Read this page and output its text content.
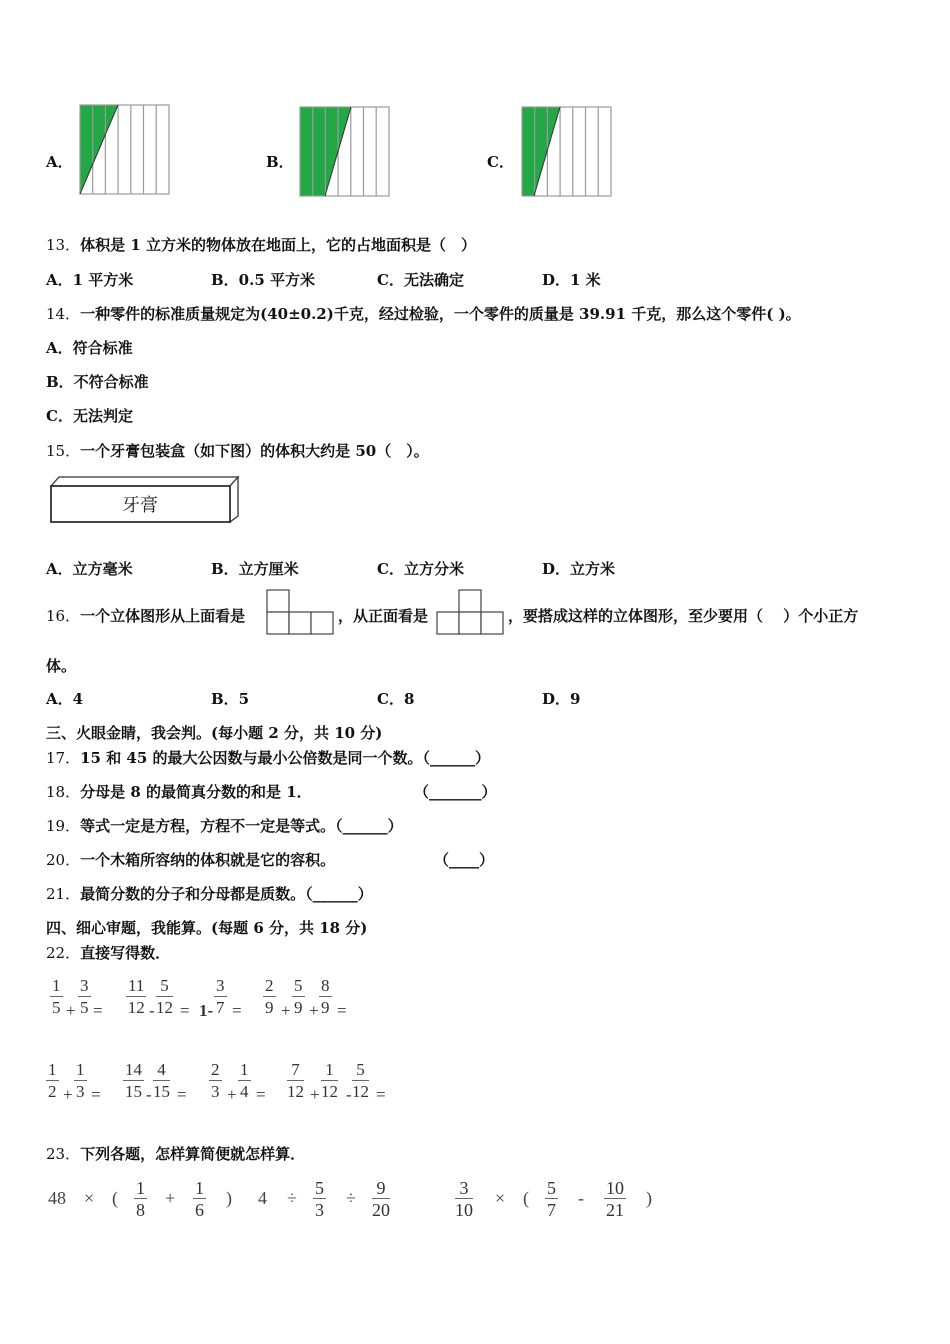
A．	B．	C．
13．体积是 1 立方米的物体放在地面上，它的占地面积是（　）
A．1 平方米	B．0.5 平方米	C．无法确定	D．1 米
14．一种零件的标准质量规定为(40±0.2)千克，经过检验，一个零件的质量是 39.91 千克，那么这个零件( )。
A．符合标准
B．不符合标准
C．无法判定
15．一个牙膏包装盒（如下图）的体积大约是 50（　）。
牙膏
A．立方毫米	B．立方厘米	C．立方分米	D．立方米
16．一个立体图形从上面看是	，从正面看是	，要搭成这样的立体图形，至少要用（　 ）个小正方
体。
A．4	B．5	C．8	D．9
三、火眼金睛，我会判。(每小题 2 分，共 10 分)
17．15 和 45 的最大公因数与最小公倍数是同一个数。（______）
18．分母是 8 的最简真分数的和是 1．	（_______）
19．等式一定是方程，方程不一定是等式。（______）
20．一个木箱所容纳的体积就是它的容积。	（____）
21．最简分数的分子和分母都是质数。（______）
四、细心审题，我能算。(每题 6 分，共 18 分)
22．直接写得数．
$\frac{1}{5} + \frac{3}{5} = \frac{11}{12} - \frac{5}{12} = 1- \frac{3}{7} = \frac{2}{9} + \frac{5}{9} + \frac{8}{9}$ =
$\frac{1}{2} + \frac{1}{3} = \frac{14}{15} - \frac{4}{15} = \frac{2}{3} + \frac{1}{4} = \frac{7}{12} + \frac{1}{12} - \frac{5}{12}$ =
23．下列各题，怎样算简便就怎样算．
48 × ( $\frac{1}{8} + \frac{1}{6}$ ) $4 \div \frac{5}{3} \div \frac{9}{20}$	$\frac{3}{10}$ × ( $\frac{5}{7} - \frac{10}{21}$ )
